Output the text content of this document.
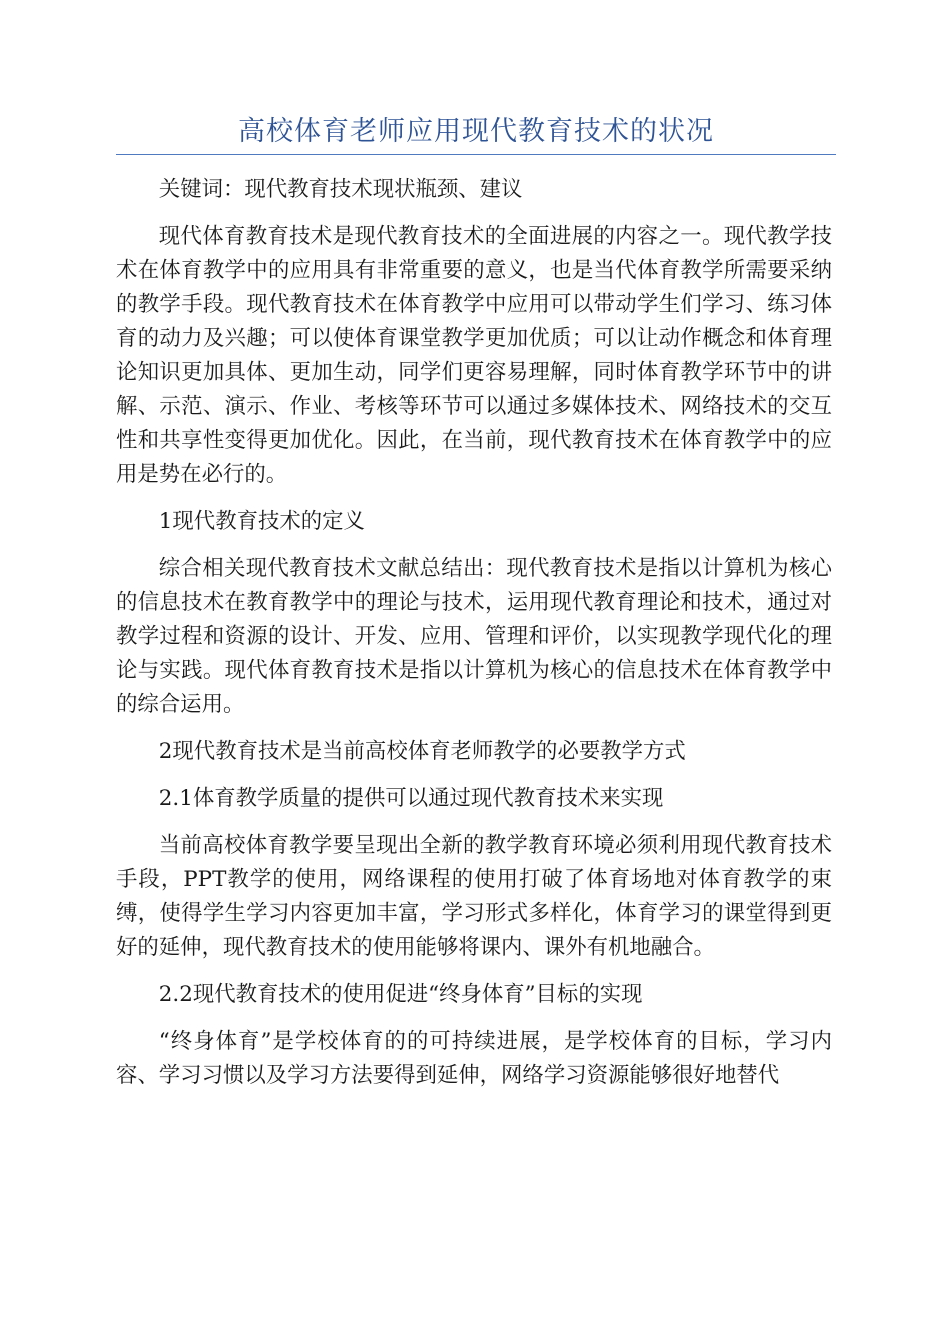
高校体育老师应用现代教育技术的状况

关键词：现代教育技术现状瓶颈、建议

现代体育教育技术是现代教育技术的全面进展的内容之一。现代教学技术在体育教学中的应用具有非常重要的意义，也是当代体育教学所需要采纳的教学手段。现代教育技术在体育教学中应用可以带动学生们学习、练习体育的动力及兴趣；可以使体育课堂教学更加优质；可以让动作概念和体育理论知识更加具体、更加生动，同学们更容易理解，同时体育教学环节中的讲解、示范、演示、作业、考核等环节可以通过多媒体技术、网络技术的交互性和共享性变得更加优化。因此，在当前，现代教育技术在体育教学中的应用是势在必行的。

1现代教育技术的定义

综合相关现代教育技术文献总结出：现代教育技术是指以计算机为核心的信息技术在教育教学中的理论与技术，运用现代教育理论和技术，通过对教学过程和资源的设计、开发、应用、管理和评价，以实现教学现代化的理论与实践。现代体育教育技术是指以计算机为核心的信息技术在体育教学中的综合运用。

2现代教育技术是当前高校体育老师教学的必要教学方式

2.1体育教学质量的提供可以通过现代教育技术来实现

当前高校体育教学要呈现出全新的教学教育环境必须利用现代教育技术手段，PPT教学的使用，网络课程的使用打破了体育场地对体育教学的束缚，使得学生学习内容更加丰富，学习形式多样化，体育学习的课堂得到更好的延伸，现代教育技术的使用能够将课内、课外有机地融合。

2.2现代教育技术的使用促进“终身体育”目标的实现

“终身体育”是学校体育的的可持续进展，是学校体育的目标，学习内容、学习习惯以及学习方法要得到延伸，网络学习资源能够很好地替代
